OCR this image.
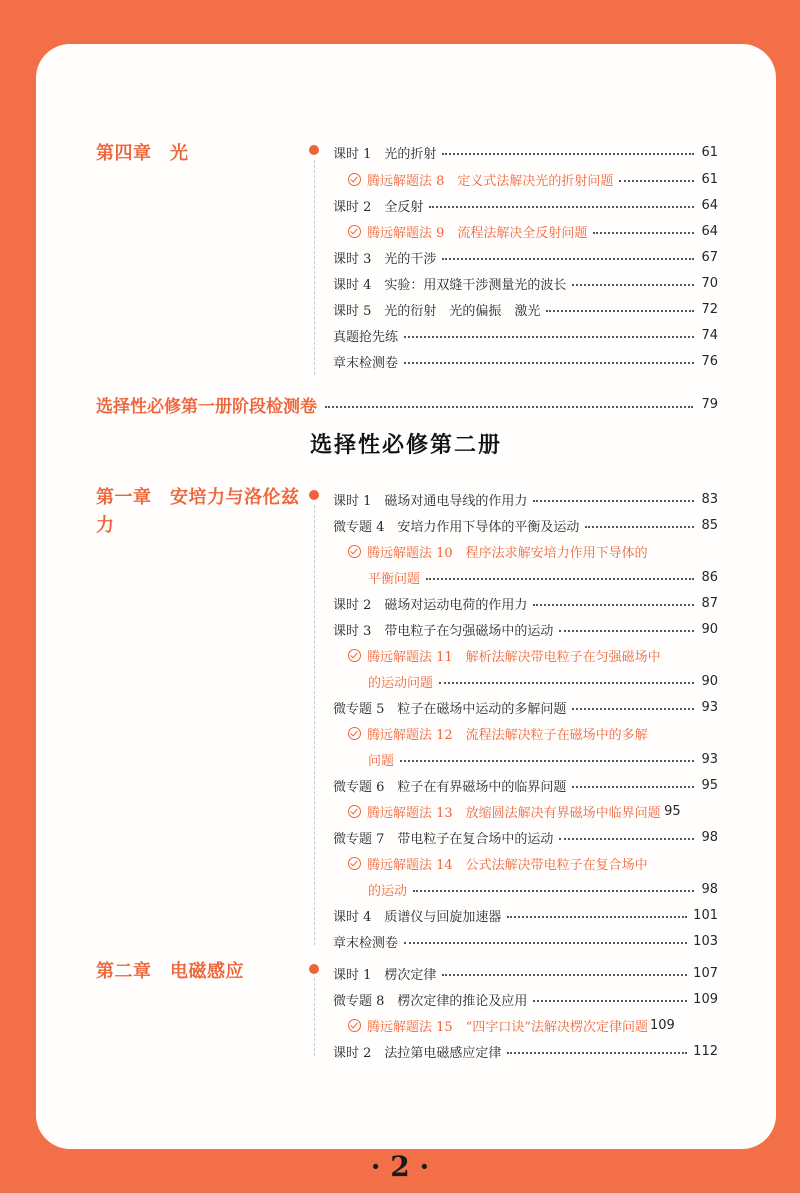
第四章　光	课时 1　光的折射	61
腾远解题法 8　定义式法解决光的折射问题	61
课时 2　全反射	64
腾远解题法 9　流程法解决全反射问题	64
课时 3　光的干涉	67
课时 4　实验：用双缝干涉测量光的波长	70
课时 5　光的衍射　光的偏振　激光	72
真题抢先练	74
章末检测卷	76
选择性必修第一册阶段检测卷	79
选择性必修第二册
第一章　安培力与洛伦兹力
课时 1　磁场对通电导线的作用力	83
微专题 4　安培力作用下导体的平衡及运动	85
腾远解题法 10　程序法求解安培力作用下导体的
平衡问题	86
课时 2　磁场对运动电荷的作用力	87
课时 3　带电粒子在匀强磁场中的运动	90
腾远解题法 11　解析法解决带电粒子在匀强磁场中
的运动问题	90
微专题 5　粒子在磁场中运动的多解问题	93
腾远解题法 12　流程法解决粒子在磁场中的多解
问题	93
微专题 6　粒子在有界磁场中的临界问题	95
腾远解题法 13　放缩圆法解决有界磁场中临界问题 95
微专题 7　带电粒子在复合场中的运动	98
腾远解题法 14　公式法解决带电粒子在复合场中
的运动	98
课时 4　质谱仪与回旋加速器	101
章末检测卷	103
第二章　电磁感应	课时 1　楞次定律	107
微专题 8　楞次定律的推论及应用	109
腾远解题法 15　“四字口诀”法解决楞次定律问题 109
课时 2　法拉第电磁感应定律	112
· 2 ·
